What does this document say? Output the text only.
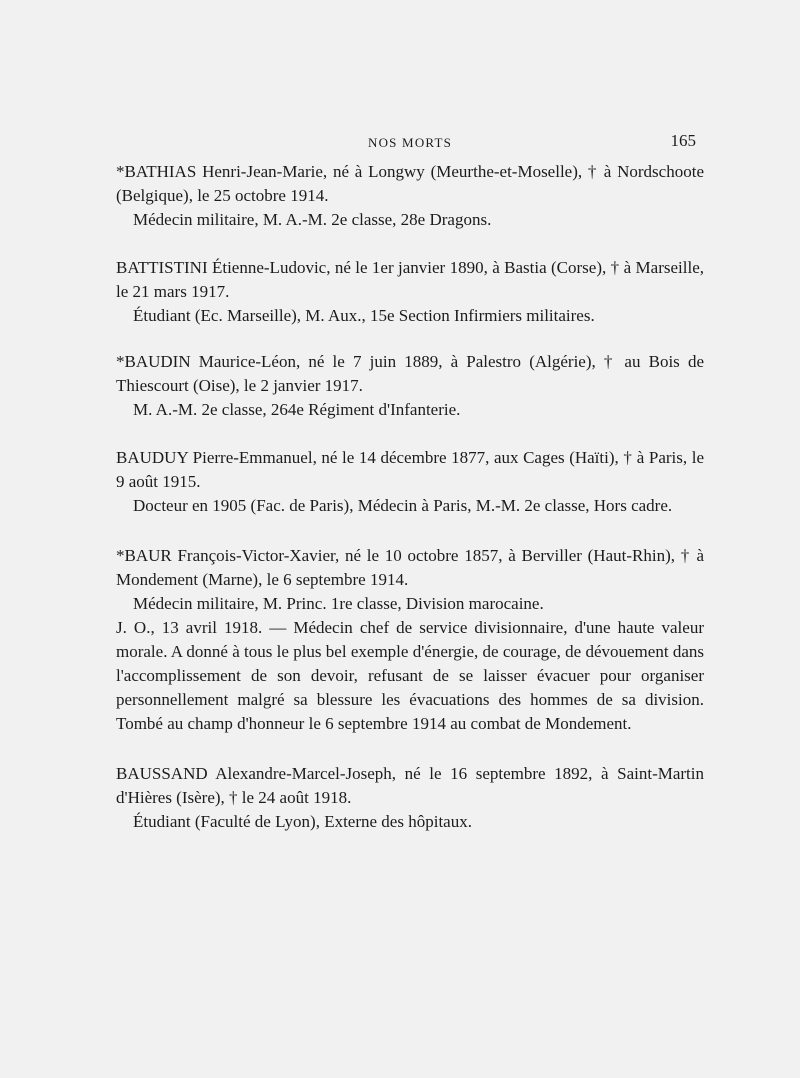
NOS MORTS	165

*BATHIAS Henri-Jean-Marie, né à Longwy (Meurthe-et-Moselle), † à Nordschoote (Belgique), le 25 octobre 1914.

Médecin militaire, M. A.-M. 2e classe, 28e Dragons.

BATTISTINI Étienne-Ludovic, né le 1er janvier 1890, à Bastia (Corse), † à Marseille, le 21 mars 1917.

Étudiant (Ec. Marseille), M. Aux., 15e Section Infirmiers militaires.

*BAUDIN Maurice-Léon, né le 7 juin 1889, à Palestro (Algérie), † au Bois de Thiescourt (Oise), le 2 janvier 1917.

M. A.-M. 2e classe, 264e Régiment d'Infanterie.

BAUDUY Pierre-Emmanuel, né le 14 décembre 1877, aux Cages (Haïti), † à Paris, le 9 août 1915.

Docteur en 1905 (Fac. de Paris), Médecin à Paris, M.-M. 2e classe, Hors cadre.

*BAUR François-Victor-Xavier, né le 10 octobre 1857, à Berviller (Haut-Rhin), † à Mondement (Marne), le 6 septembre 1914.

Médecin militaire, M. Princ. 1re classe, Division marocaine.

J. O., 13 avril 1918. — Médecin chef de service divisionnaire, d'une haute valeur morale. A donné à tous le plus bel exemple d'énergie, de courage, de dévouement dans l'accomplissement de son devoir, refusant de se laisser évacuer pour organiser personnellement malgré sa blessure les évacuations des hommes de sa division. Tombé au champ d'honneur le 6 septembre 1914 au combat de Mondement.

BAUSSAND Alexandre-Marcel-Joseph, né le 16 septembre 1892, à Saint-Martin d'Hières (Isère), † le 24 août 1918.

Étudiant (Faculté de Lyon), Externe des hôpitaux.
